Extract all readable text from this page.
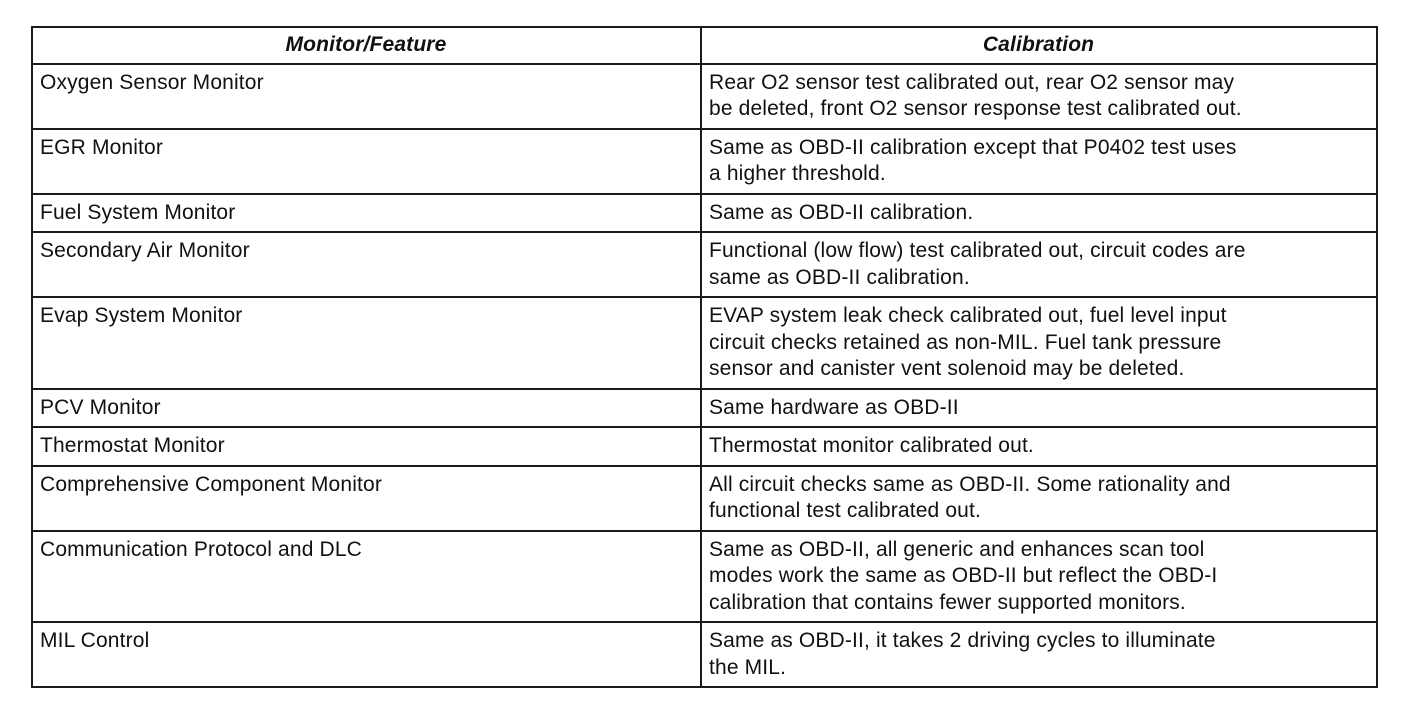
Monitor/Feature	Calibration
Oxygen Sensor Monitor	Rear O2 sensor test calibrated out, rear O2 sensor may
be deleted, front O2 sensor response test calibrated out.
EGR Monitor	Same as OBD-II calibration except that P0402 test uses
a higher threshold.
Fuel System Monitor	Same as OBD-II calibration.
Secondary Air Monitor	Functional (low flow) test calibrated out, circuit codes are
same as OBD-II calibration.
Evap System Monitor	EVAP system leak check calibrated out, fuel level input
circuit checks retained as non-MIL. Fuel tank pressure
sensor and canister vent solenoid may be deleted.
PCV Monitor	Same hardware as OBD-II
Thermostat Monitor	Thermostat monitor calibrated out.
Comprehensive Component Monitor	All circuit checks same as OBD-II. Some rationality and
functional test calibrated out.
Communication Protocol and DLC	Same as OBD-II, all generic and enhances scan tool
modes work the same as OBD-II but reflect the OBD-I
calibration that contains fewer supported monitors.
MIL Control	Same as OBD-II, it takes 2 driving cycles to illuminate
the MIL.
